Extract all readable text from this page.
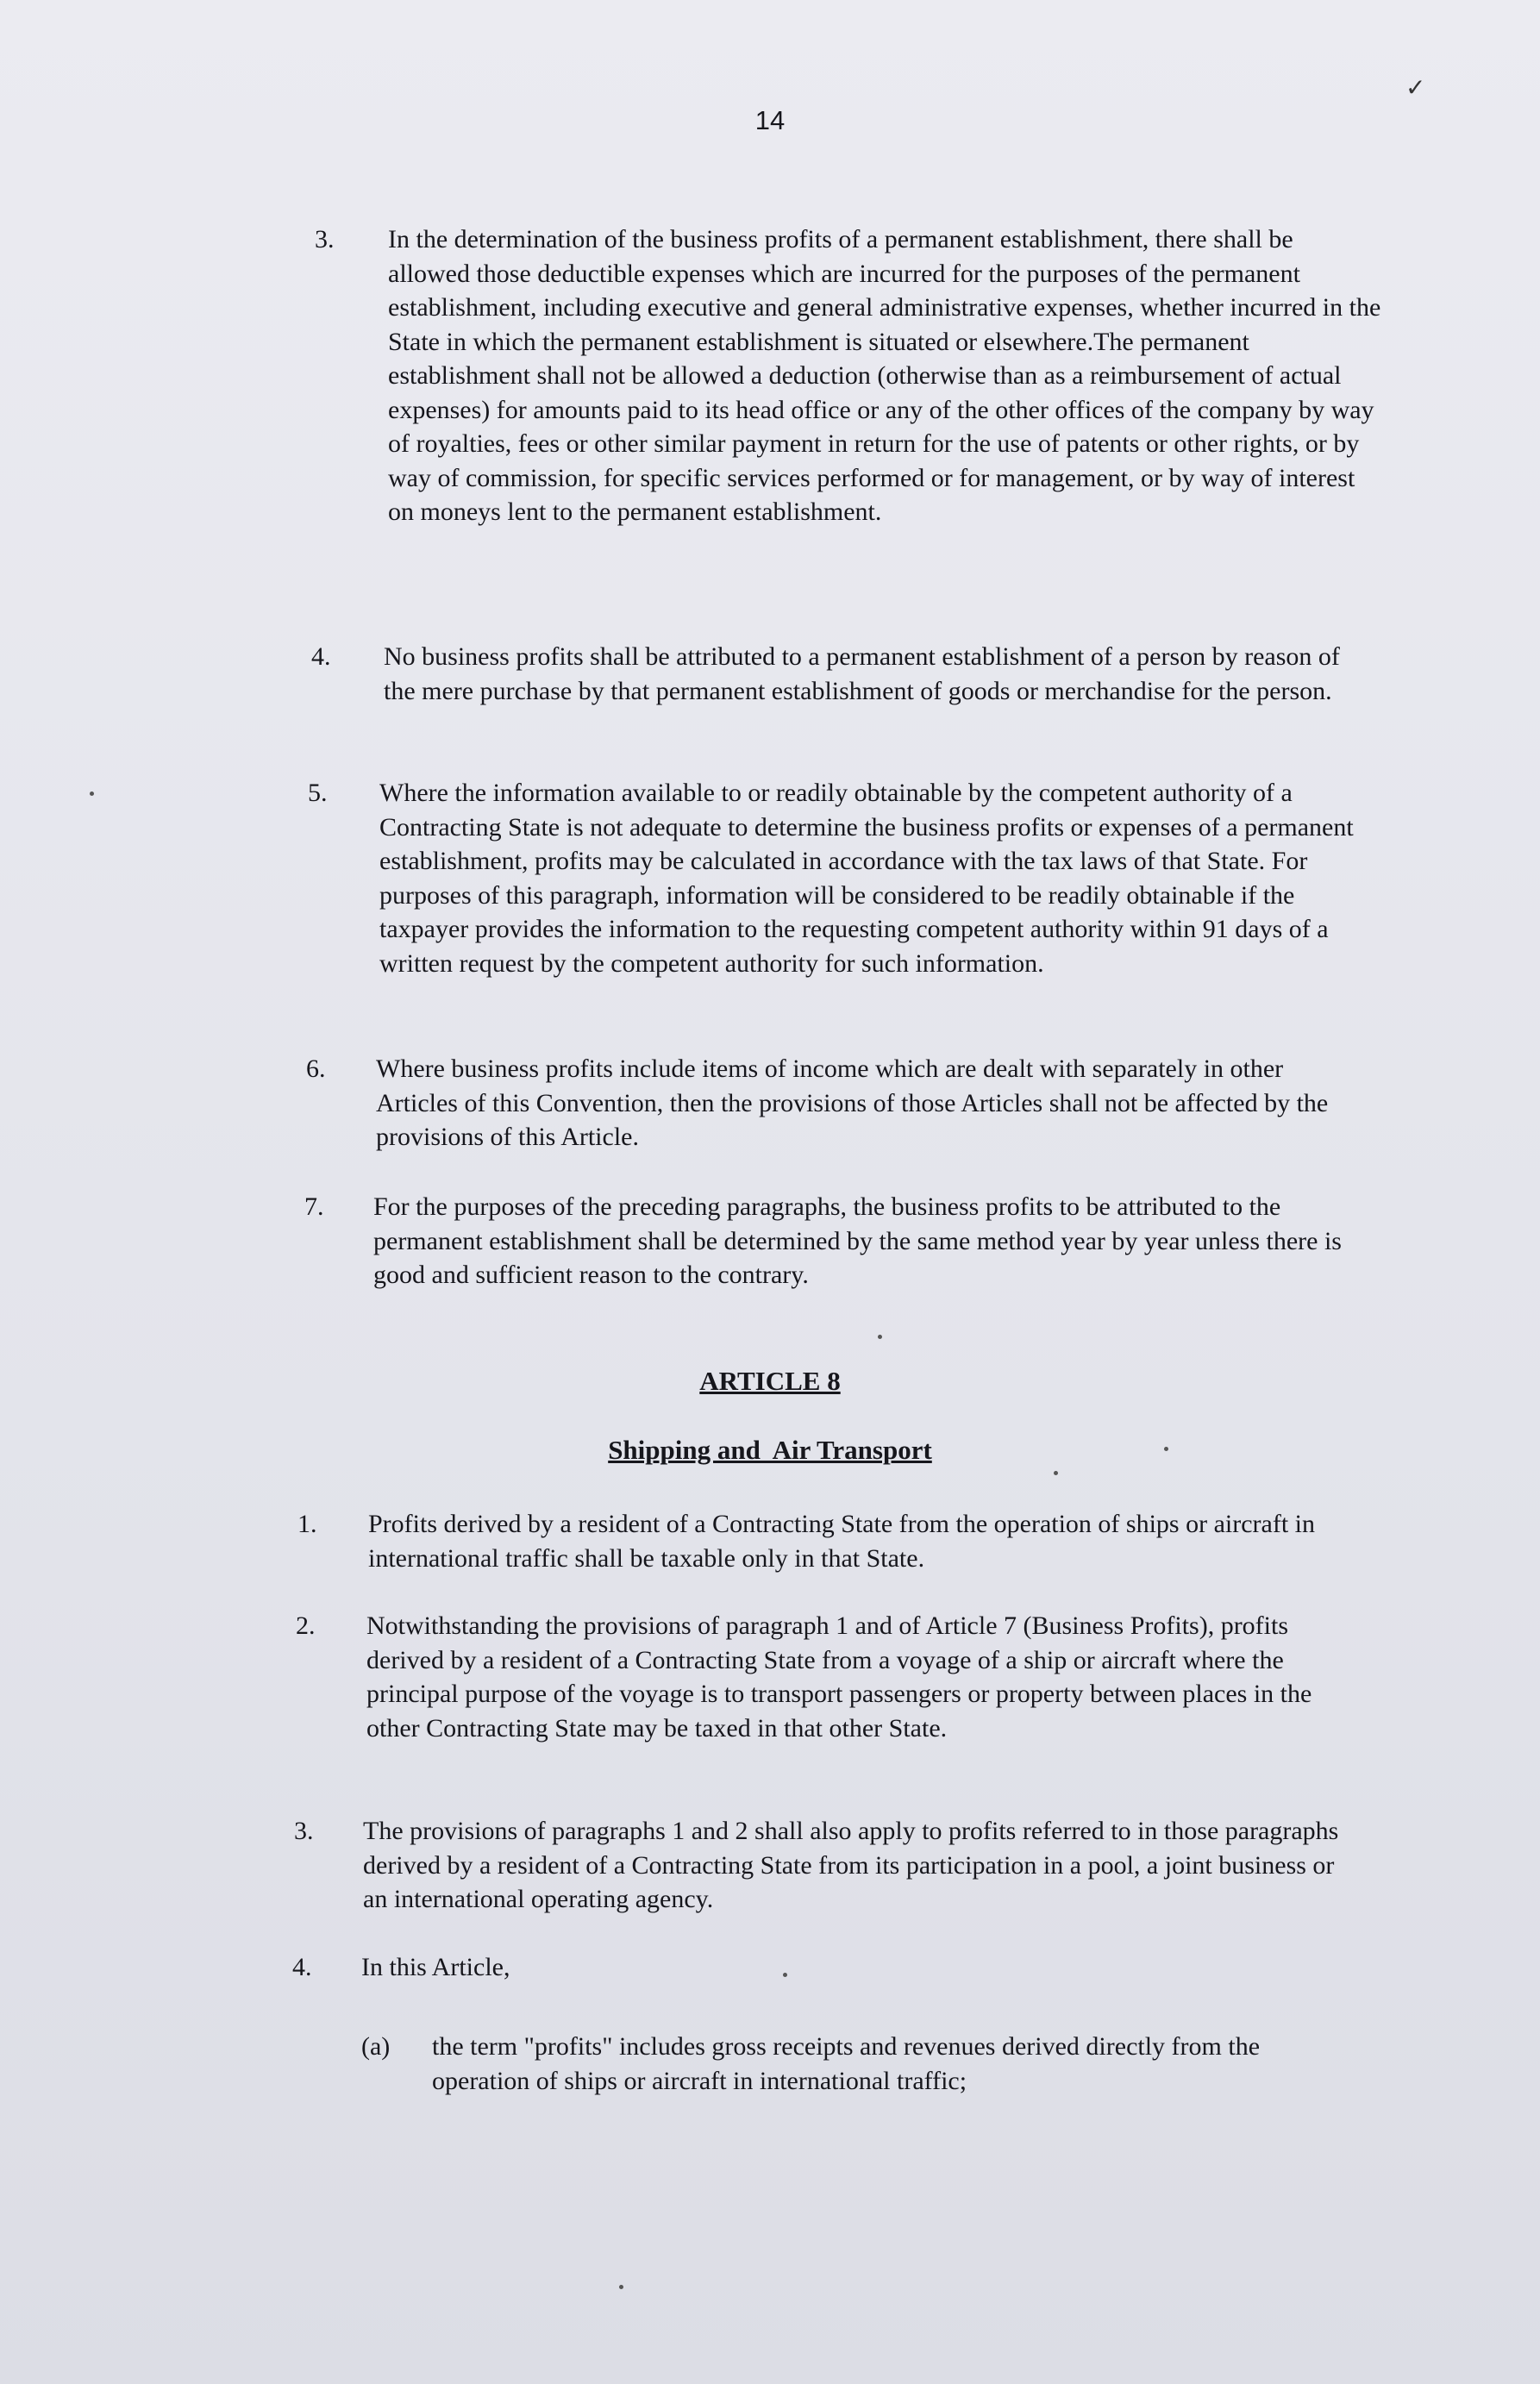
14
✓
3. In the determination of the business profits of a permanent establishment, there shall be allowed those deductible expenses which are incurred for the purposes of the permanent establishment, including executive and general administrative expenses, whether incurred in the State in which the permanent establishment is situated or elsewhere.The permanent establishment shall not be allowed a deduction (otherwise than as a reimbursement of actual expenses) for amounts paid to its head office or any of the other offices of the company by way of royalties, fees or other similar payment in return for the use of patents or other rights, or by way of commission, for specific services performed or for management, or by way of interest on moneys lent to the permanent establishment.
4. No business profits shall be attributed to a permanent establishment of a person by reason of the mere purchase by that permanent establishment of goods or merchandise for the person.
5. Where the information available to or readily obtainable by the competent authority of a Contracting State is not adequate to determine the business profits or expenses of a permanent establishment, profits may be calculated in accordance with the tax laws of that State. For purposes of this paragraph, information will be considered to be readily obtainable if the taxpayer provides the information to the requesting competent authority within 91 days of a written request by the competent authority for such information.
6. Where business profits include items of income which are dealt with separately in other Articles of this Convention, then the provisions of those Articles shall not be affected by the provisions of this Article.
7. For the purposes of the preceding paragraphs, the business profits to be attributed to the permanent establishment shall be determined by the same method year by year unless there is good and sufficient reason to the contrary.
ARTICLE 8
Shipping and  Air Transport
1. Profits derived by a resident of a Contracting State from the operation of ships or aircraft in international traffic shall be taxable only in that State.
2. Notwithstanding the provisions of paragraph 1 and of Article 7 (Business Profits), profits derived by a resident of a Contracting State from a voyage of a ship or aircraft where the principal purpose of the voyage is to transport passengers or property between places in the other Contracting State may be taxed in that other State.
3. The provisions of paragraphs 1 and 2 shall also apply to profits referred to in those paragraphs derived by a resident of a Contracting State from its participation in a pool, a joint business or an international operating agency.
4. In this Article,
(a) the term "profits" includes gross receipts and revenues derived directly from the operation of ships or aircraft in international traffic;
